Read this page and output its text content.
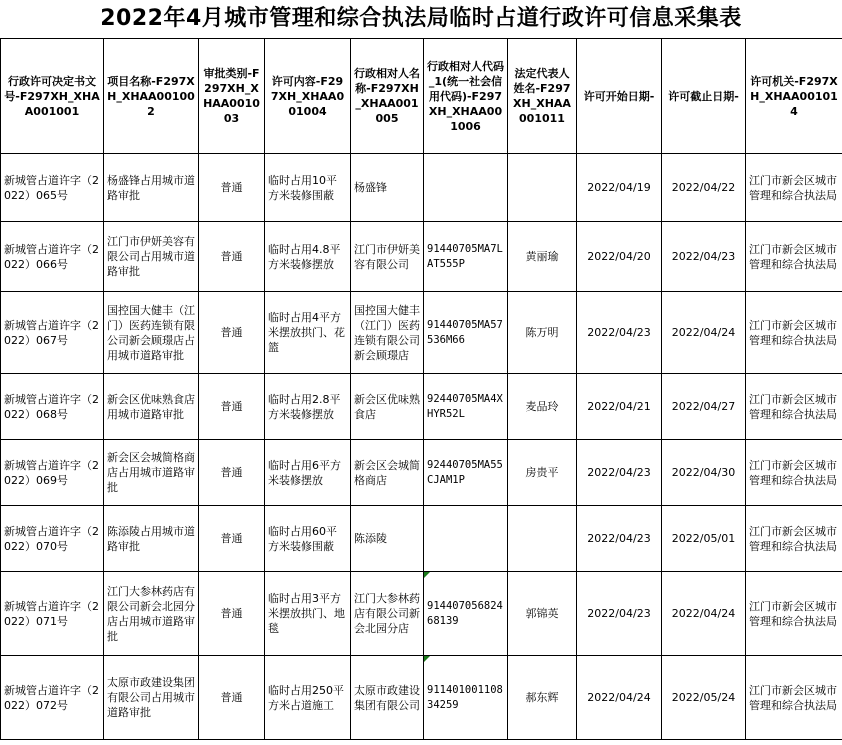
2022年4月城市管理和综合执法局临时占道行政许可信息采集表
行政许可决定书文号-F297XH_XHAA001001	项目名称-F297XH_XHAA001002	审批类别-F297XH_XHAA001003	许可内容-F297XH_XHAA001004	行政相对人名称-F297XH_XHAA001005	行政相对人代码_1(统一社会信用代码)-F297XH_XHAA001006	法定代表人姓名-F297XH_XHAA001011	许可开始日期-	许可截止日期-	许可机关-F297XH_XHAA001014
新城管占道许字（2022）065号	杨盛锋占用城市道路审批	普通	临时占用10平方米装修围蔽	杨盛锋			2022/04/19	2022/04/22	江门市新会区城市管理和综合执法局
新城管占道许字（2022）066号	江门市伊妍美容有限公司占用城市道路审批	普通	临时占用4.8平方米装修摆放	江门市伊妍美容有限公司	91440705MA7LAT555P	黄丽瑜	2022/04/20	2022/04/23	江门市新会区城市管理和综合执法局
新城管占道许字（2022）067号	国控国大健丰（江门）医药连锁有限公司新会顾璟店占用城市道路审批	普通	临时占用4平方米摆放拱门、花篮	国控国大健丰（江门）医药连锁有限公司新会顾璟店	91440705MA57536M66	陈万明	2022/04/23	2022/04/24	江门市新会区城市管理和综合执法局
新城管占道许字（2022）068号	新会区优味熟食店用城市道路审批	普通	临时占用2.8平方米装修摆放	新会区优味熟食店	92440705MA4XHYR52L	麦品玲	2022/04/21	2022/04/27	江门市新会区城市管理和综合执法局
新城管占道许字（2022）069号	新会区会城简格商店占用城市道路审批	普通	临时占用6平方米装修摆放	新会区会城简格商店	92440705MA55CJAM1P	房贵平	2022/04/23	2022/04/30	江门市新会区城市管理和综合执法局
新城管占道许字（2022）070号	陈添陵占用城市道路审批	普通	临时占用60平方米装修围蔽	陈添陵			2022/04/23	2022/05/01	江门市新会区城市管理和综合执法局
新城管占道许字（2022）071号	江门大参林药店有限公司新会北园分店占用城市道路审批	普通	临时占用3平方米摆放拱门、地毯	江门大参林药店有限公司新会北园分店	91440705682468139	郭锦英	2022/04/23	2022/04/24	江门市新会区城市管理和综合执法局
新城管占道许字（2022）072号	太原市政建设集团有限公司占用城市道路审批	普通	临时占用250平方米占道施工	太原市政建设集团有限公司	91140100110834259	郝东辉	2022/04/24	2022/05/24	江门市新会区城市管理和综合执法局
